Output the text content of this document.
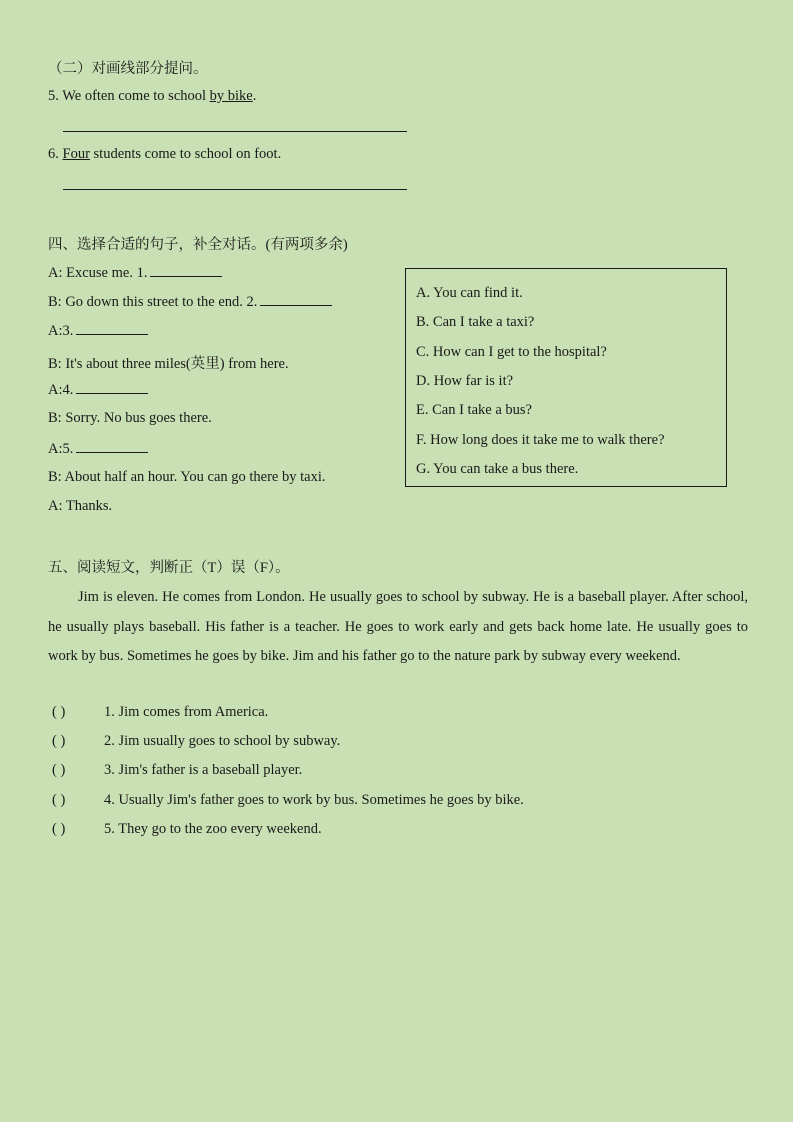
（二）对画线部分提问。
5. We often come to school by bike.
6. Four students come to school on foot.
四、选择合适的句子，补全对话。(有两项多余)
A: Excuse me. 1.
B: Go down this street to the end. 2.
A:3.
B: It's about three miles(英里) from here.
A:4.
B: Sorry. No bus goes there.
A:5.
B: About half an hour. You can go there by taxi.
A: Thanks.
A. You can find it.
B. Can I take a taxi?
C. How can I get to the hospital?
D. How far is it?
E. Can I take a bus?
F. How long does it take me to walk there?
G. You can take a bus there.
五、阅读短文，判断正（T）误（F）。
Jim is eleven. He comes from London. He usually goes to school by subway. He is a baseball player. After school, he usually plays baseball. His father is a teacher. He goes to work early and gets back home late. He usually goes to work by bus. Sometimes he goes by bike. Jim and his father go to the nature park by subway every weekend.
( )	1. Jim comes from America.
( )	2. Jim usually goes to school by subway.
( )	3. Jim's father is a baseball player.
( )	4. Usually Jim's father goes to work by bus. Sometimes he goes by bike.
( )	5. They go to the zoo every weekend.
